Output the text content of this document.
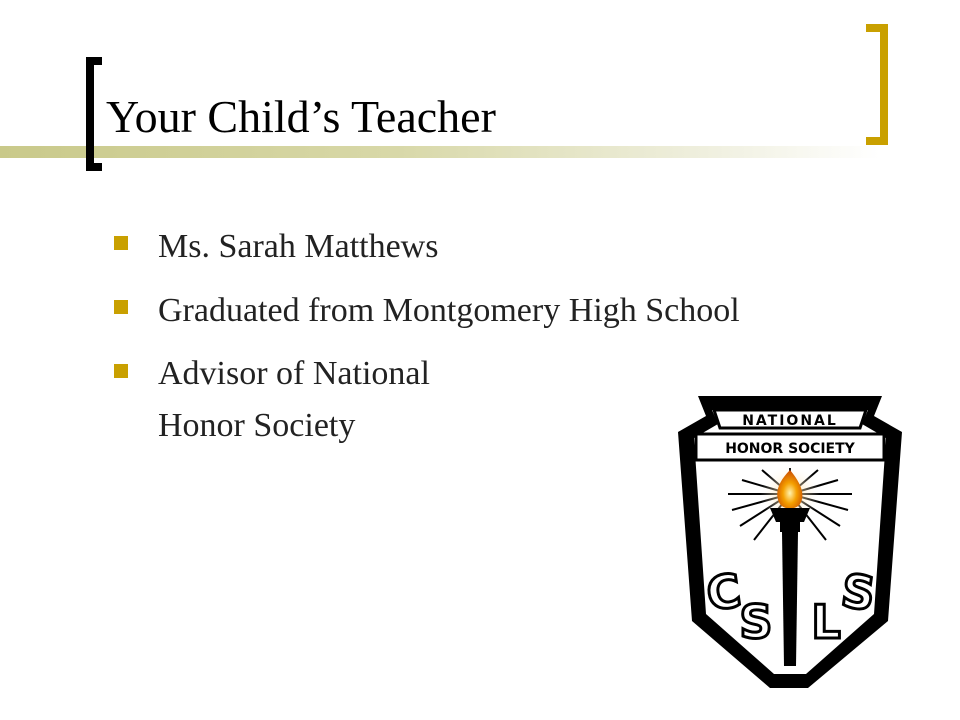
Your Child’s Teacher
Ms. Sarah Matthews
Graduated from Montgomery High School
Advisor of National
Honor Society	NATIONAL
HONOR SOCIETY
C
S L
S
